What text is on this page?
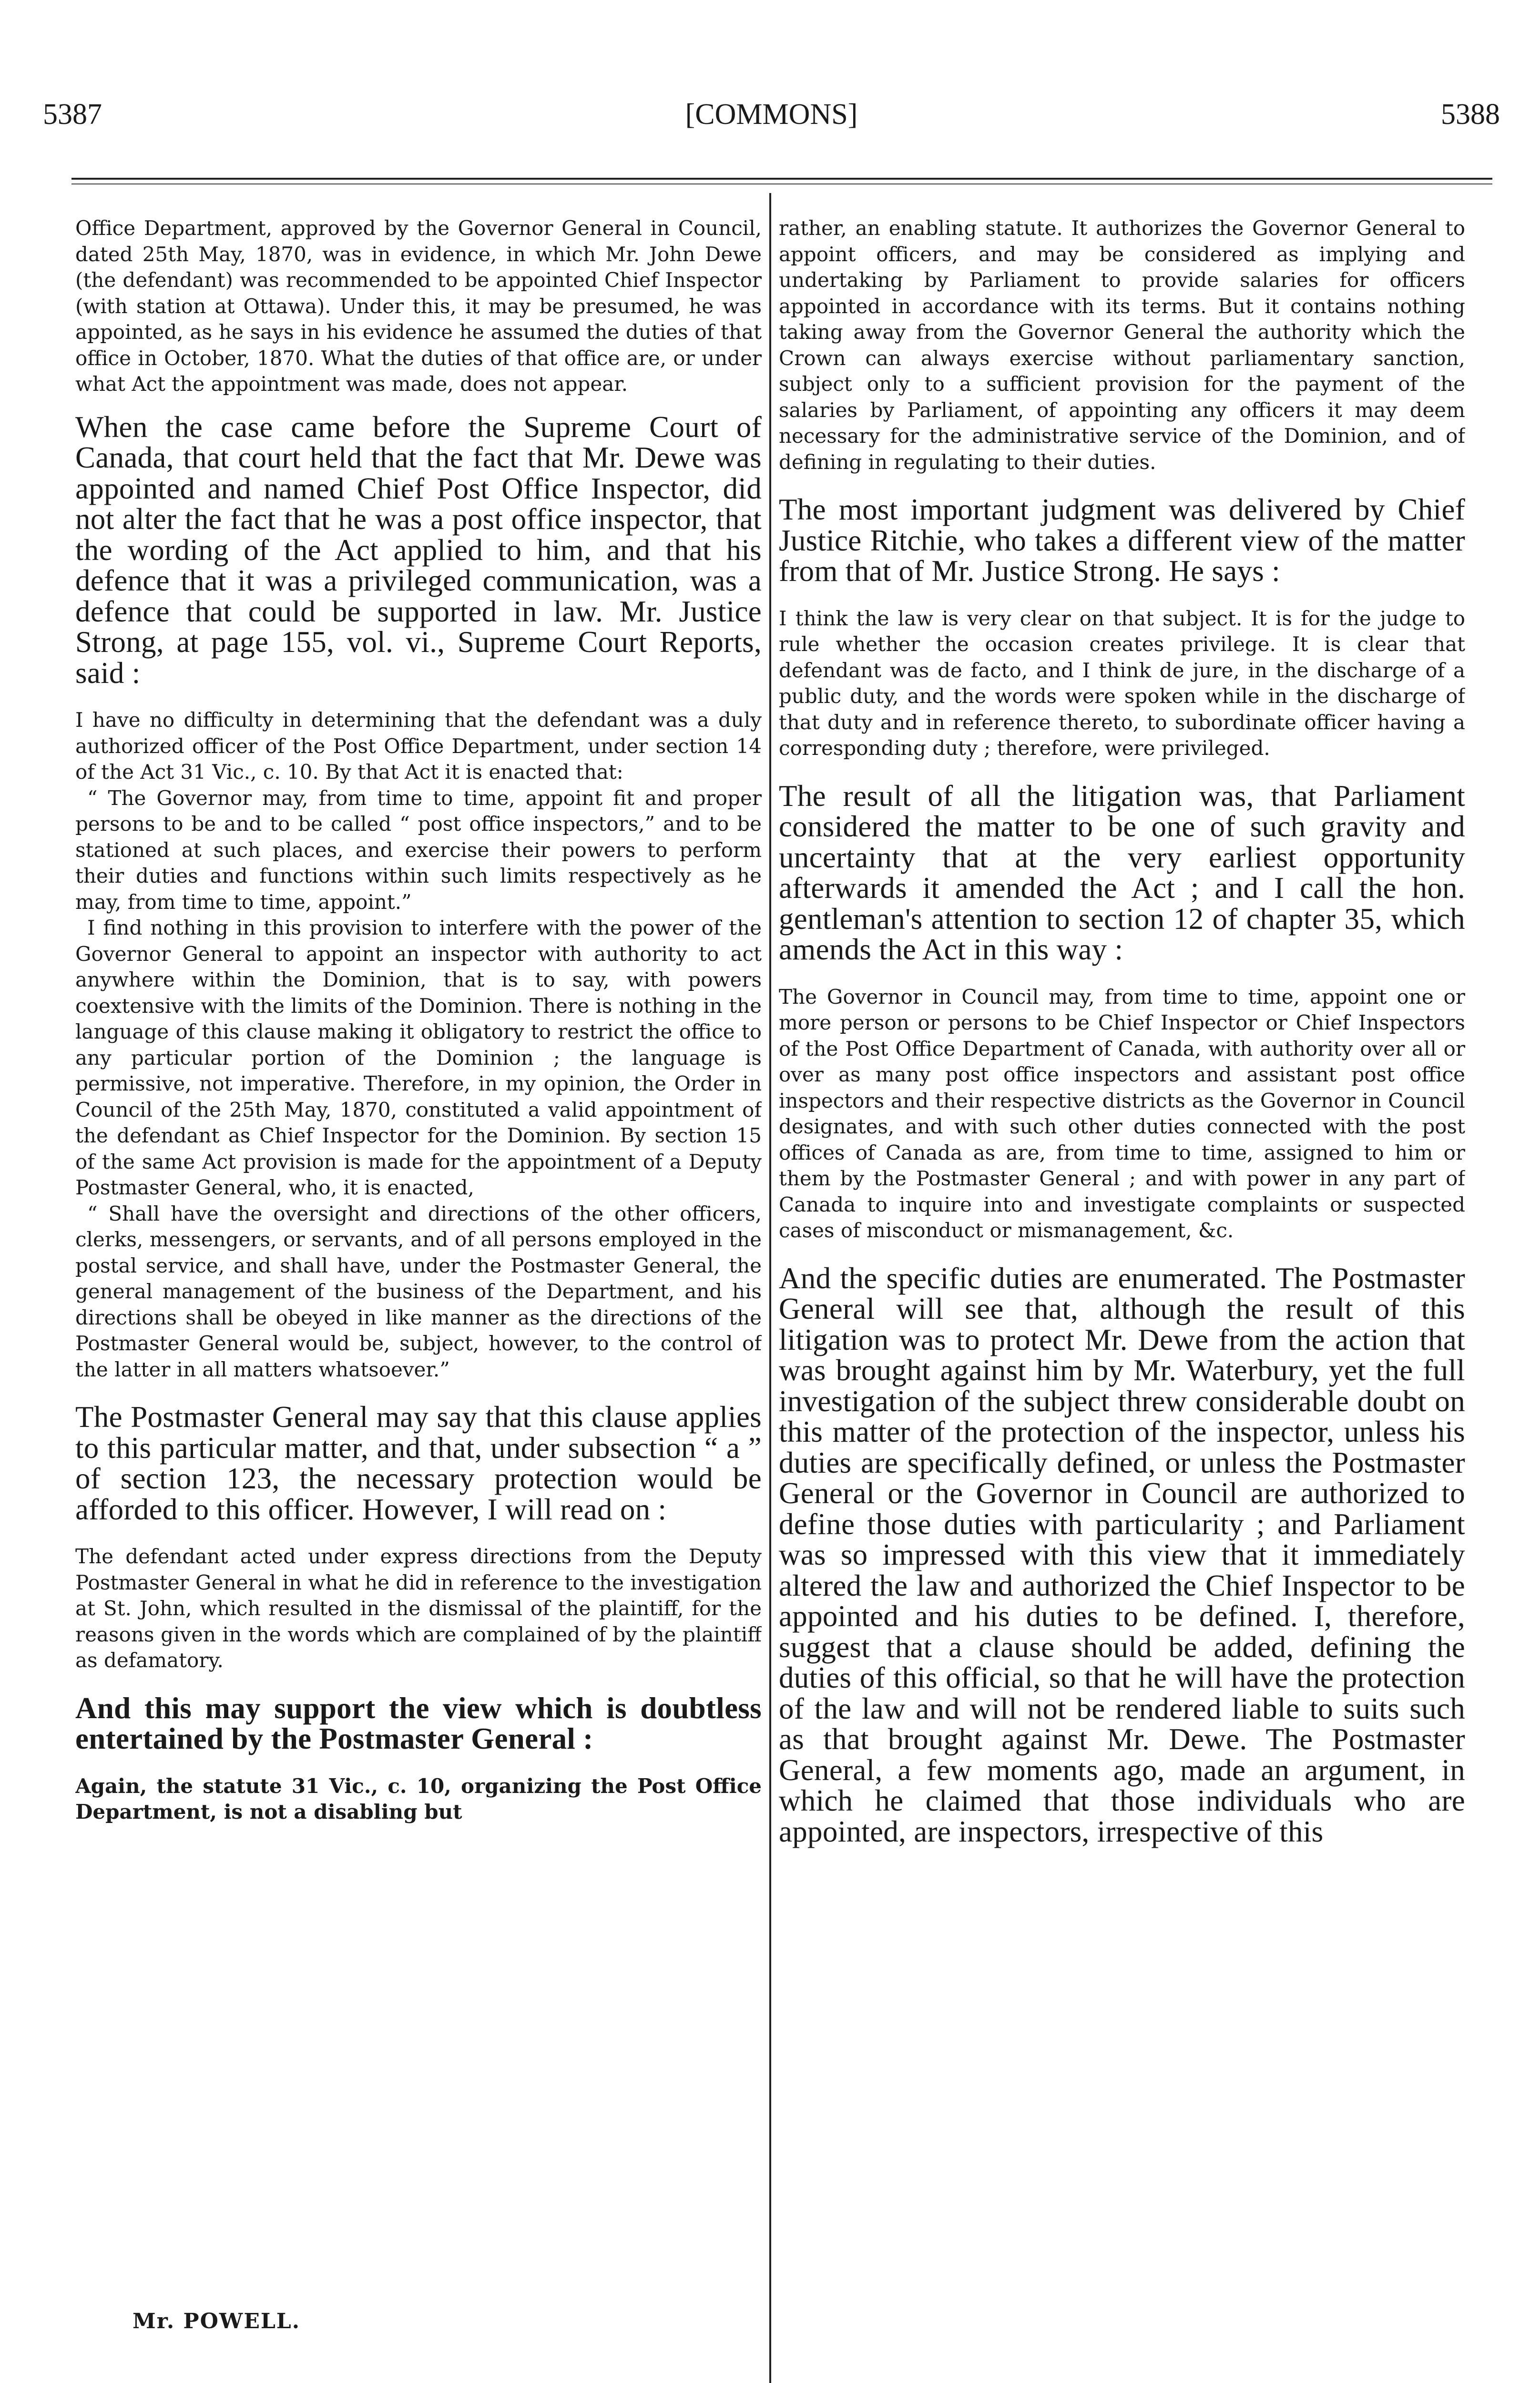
5387	[COMMONS]	5388
Office Department, approved by the Governor General in Council, dated 25th May, 1870, was in evidence, in which Mr. John Dewe (the defendant) was recommended to be appointed Chief Inspector (with station at Ottawa). Under this, it may be presumed, he was appointed, as he says in his evidence he assumed the duties of that office in October, 1870. What the duties of that office are, or under what Act the appointment was made, does not appear.
When the case came before the Supreme Court of Canada, that court held that the fact that Mr. Dewe was appointed and named Chief Post Office Inspector, did not alter the fact that he was a post office inspector, that the wording of the Act applied to him, and that his defence that it was a privileged communication, was a defence that could be supported in law. Mr. Justice Strong, at page 155, vol. vi., Supreme Court Reports, said :

I have no difficulty in determining that the defendant was a duly authorized officer of the Post Office Department, under section 14 of the Act 31 Vic., c. 10. By that Act it is enacted that:

“ The Governor may, from time to time, appoint fit and proper persons to be and to be called “ post office inspectors,” and to be stationed at such places, and exercise their powers to perform their duties and functions within such limits respectively as he may, from time to time, appoint.”

I find nothing in this provision to interfere with the power of the Governor General to appoint an inspector with authority to act anywhere within the Dominion, that is to say, with powers coextensive with the limits of the Dominion. There is nothing in the language of this clause making it obligatory to restrict the office to any particular portion of the Dominion ; the language is permissive, not imperative. Therefore, in my opinion, the Order in Council of the 25th May, 1870, constituted a valid appointment of the defendant as Chief Inspector for the Dominion. By section 15 of the same Act provision is made for the appointment of a Deputy Postmaster General, who, it is enacted,

“ Shall have the oversight and directions of the other officers, clerks, messengers, or servants, and of all persons employed in the postal service, and shall have, under the Postmaster General, the general management of the business of the Department, and his directions shall be obeyed in like manner as the directions of the Postmaster General would be, subject, however, to the control of the latter in all matters whatsoever.”

The Postmaster General may say that this clause applies to this particular matter, and that, under subsection “ a ” of section 123, the necessary protection would be afforded to this officer. However, I will read on :
The defendant acted under express directions from the Deputy Postmaster General in what he did in reference to the investigation at St. John, which resulted in the dismissal of the plaintiff, for the reasons given in the words which are complained of by the plaintiff as defamatory.
And this may support the view which is doubtless entertained by the Postmaster General :
Again, the statute 31 Vic., c. 10, organizing the Post Office Department, is not a disabling but
rather, an enabling statute. It authorizes the Governor General to appoint officers, and may be considered as implying and undertaking by Parliament to provide salaries for officers appointed in accordance with its terms. But it contains nothing taking away from the Governor General the authority which the Crown can always exercise without parliamentary sanction, subject only to a sufficient provision for the payment of the salaries by Parliament, of appointing any officers it may deem necessary for the administrative service of the Dominion, and of defining in regulating to their duties.
The most important judgment was delivered by Chief Justice Ritchie, who takes a different view of the matter from that of Mr. Justice Strong. He says :
I think the law is very clear on that subject. It is for the judge to rule whether the occasion creates privilege. It is clear that defendant was de facto, and I think de jure, in the discharge of a public duty, and the words were spoken while in the discharge of that duty and in reference thereto, to subordinate officer having a corresponding duty ; therefore, were privileged.
The result of all the litigation was, that Parliament considered the matter to be one of such gravity and uncertainty that at the very earliest opportunity afterwards it amended the Act ; and I call the hon. gentleman's attention to section 12 of chapter 35, which amends the Act in this way :
The Governor in Council may, from time to time, appoint one or more person or persons to be Chief Inspector or Chief Inspectors of the Post Office Department of Canada, with authority over all or over as many post office inspectors and assistant post office inspectors and their respective districts as the Governor in Council designates, and with such other duties connected with the post offices of Canada as are, from time to time, assigned to him or them by the Postmaster General ; and with power in any part of Canada to inquire into and investigate complaints or suspected cases of misconduct or mismanagement, &c.
And the specific duties are enumerated. The Postmaster General will see that, although the result of this litigation was to protect Mr. Dewe from the action that was brought against him by Mr. Waterbury, yet the full investigation of the subject threw considerable doubt on this matter of the protection of the inspector, unless his duties are specifically defined, or unless the Postmaster General or the Governor in Council are authorized to define those duties with particularity ; and Parliament was so impressed with this view that it immediately altered the law and authorized the Chief Inspector to be appointed and his duties to be defined. I, therefore, suggest that a clause should be added, defining the duties of this official, so that he will have the protection of the law and will not be rendered liable to suits such as that brought against Mr. Dewe. The Postmaster General, a few moments ago, made an argument, in which he claimed that those individuals who are appointed, are inspectors, irrespective of this
Mr. POWELL.
